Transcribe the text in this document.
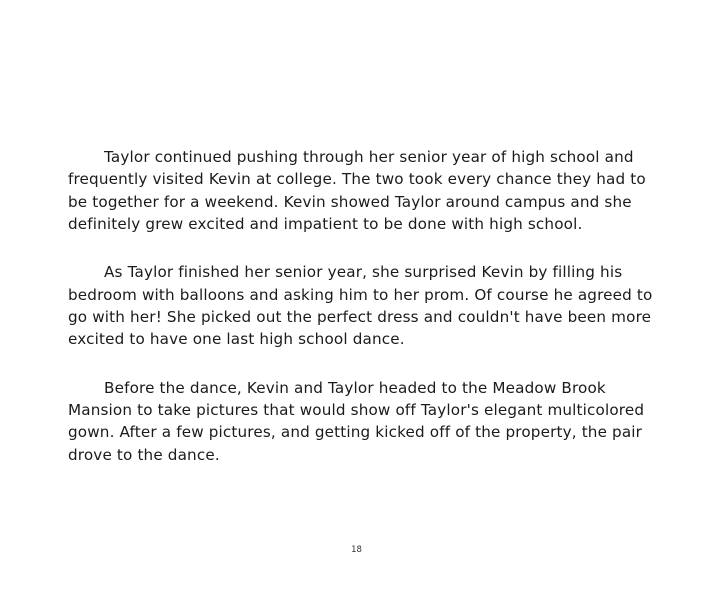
Taylor continued pushing through her senior year of high school and frequently visited Kevin at college. The two took every chance they had to be together for a weekend. Kevin showed Taylor around campus and she definitely grew excited and impatient to be done with high school.

As Taylor finished her senior year, she surprised Kevin by filling his bedroom with balloons and asking him to her prom. Of course he agreed to go with her! She picked out the perfect dress and couldn't have been more excited to have one last high school dance.

Before the dance, Kevin and Taylor headed to the Meadow Brook Mansion to take pictures that would show off Taylor's elegant multicolored gown. After a few pictures, and getting kicked off of the property, the pair drove to the dance.

18
